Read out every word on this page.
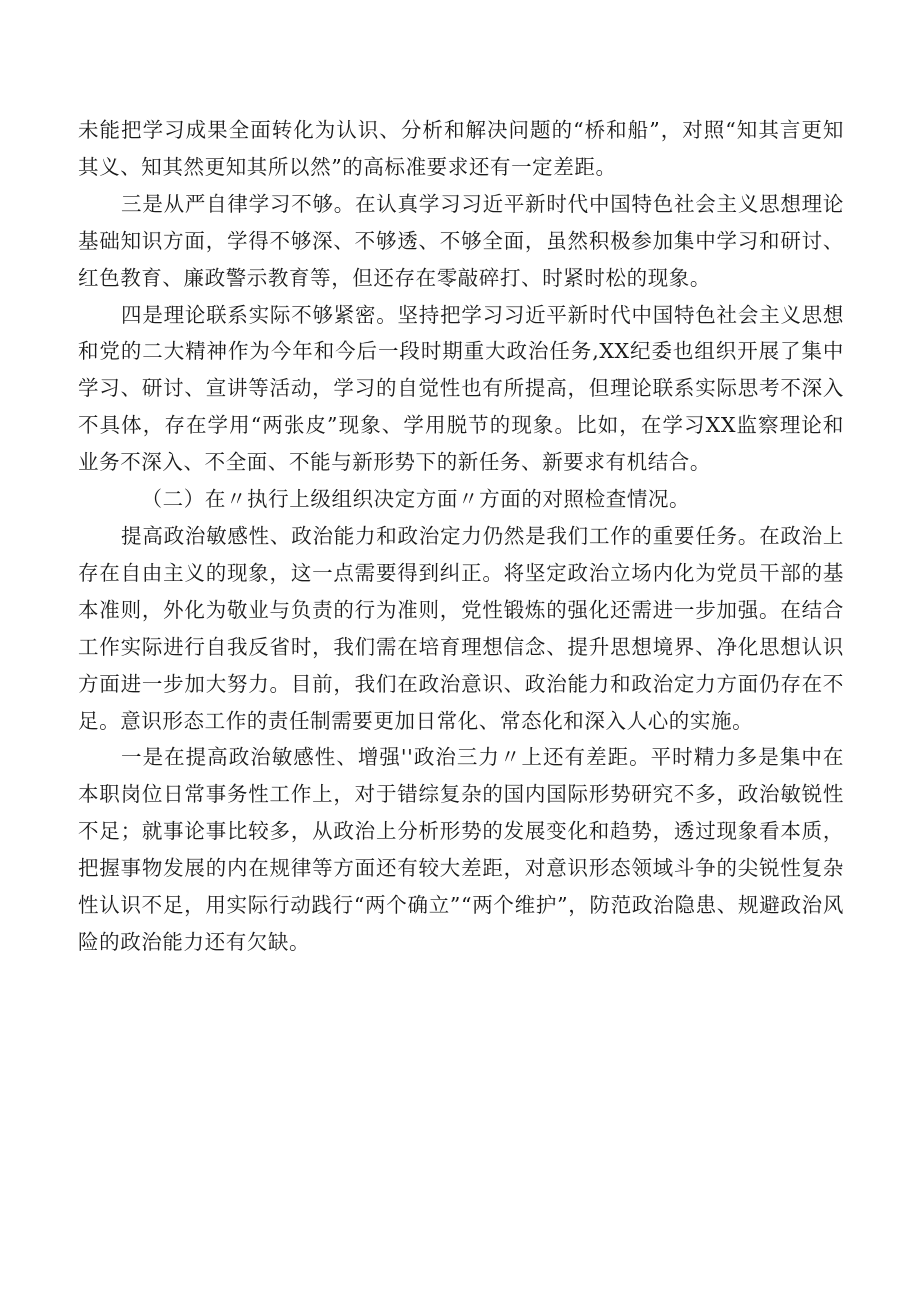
未能把学习成果全面转化为认识、分析和解决问题的“桥和船”，对照“知其言更知其义、知其然更知其所以然”的高标准要求还有一定差距。

三是从严自律学习不够。在认真学习习近平新时代中国特色社会主义思想理论基础知识方面，学得不够深、不够透、不够全面，虽然积极参加集中学习和研讨、红色教育、廉政警示教育等，但还存在零敲碎打、时紧时松的现象。

四是理论联系实际不够紧密。坚持把学习习近平新时代中国特色社会主义思想和党的二大精神作为今年和今后一段时期重大政治任务,XX纪委也组织开展了集中学习、研讨、宣讲等活动，学习的自觉性也有所提高，但理论联系实际思考不深入不具体，存在学用“两张皮”现象、学用脱节的现象。比如，在学习XX监察理论和业务不深入、不全面、不能与新形势下的新任务、新要求有机结合。

（二）在〃执行上级组织决定方面〃方面的对照检查情况。

提高政治敏感性、政治能力和政治定力仍然是我们工作的重要任务。在政治上存在自由主义的现象，这一点需要得到纠正。将坚定政治立场内化为党员干部的基本准则，外化为敬业与负责的行为准则，党性锻炼的强化还需进一步加强。在结合工作实际进行自我反省时，我们需在培育理想信念、提升思想境界、净化思想认识方面进一步加大努力。目前，我们在政治意识、政治能力和政治定力方面仍存在不足。意识形态工作的责任制需要更加日常化、常态化和深入人心的实施。

一是在提高政治敏感性、增强''政治三力〃上还有差距。平时精力多是集中在本职岗位日常事务性工作上，对于错综复杂的国内国际形势研究不多，政治敏锐性不足；就事论事比较多，从政治上分析形势的发展变化和趋势，透过现象看本质，把握事物发展的内在规律等方面还有较大差距，对意识形态领域斗争的尖锐性复杂性认识不足，用实际行动践行“两个确立”“两个维护”，防范政治隐患、规避政治风险的政治能力还有欠缺。
